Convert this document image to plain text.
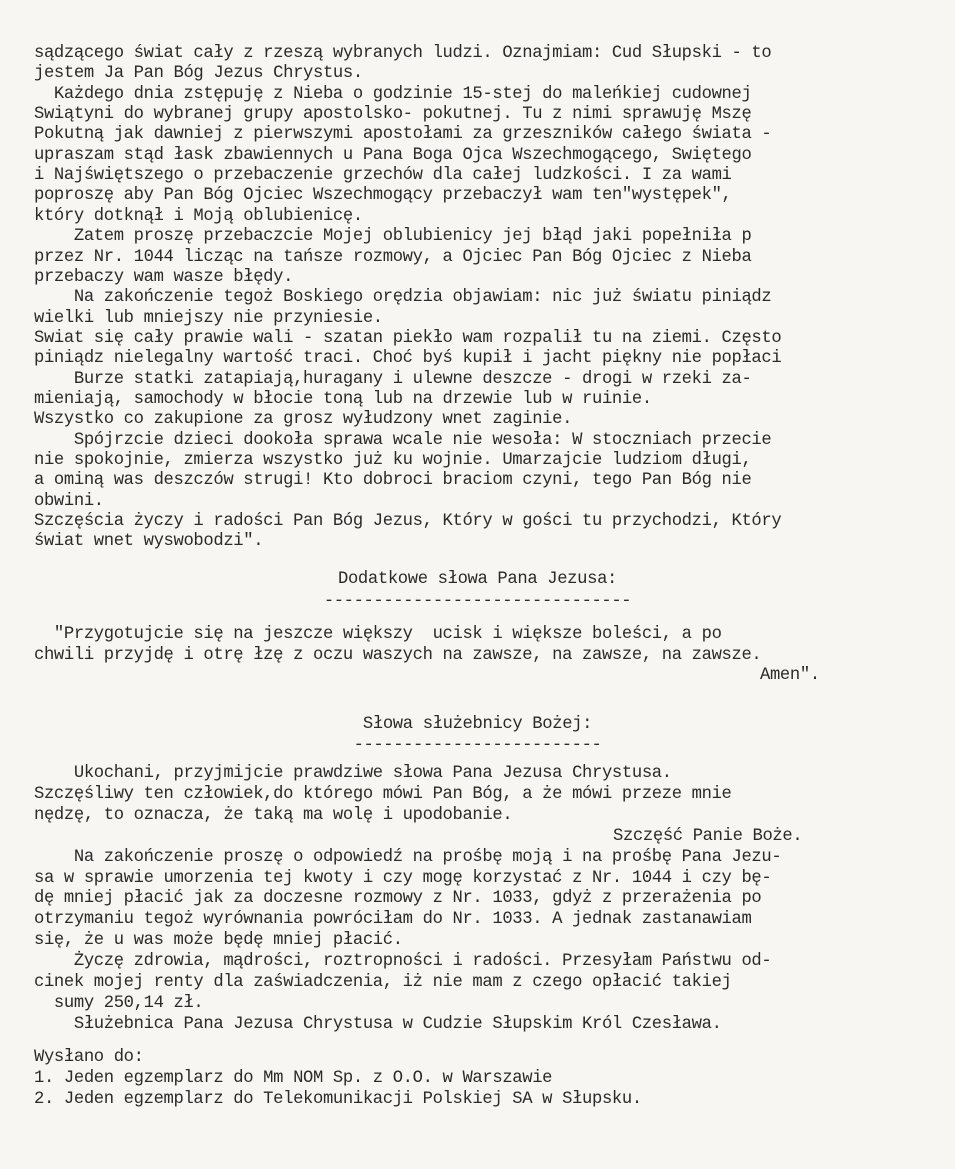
sądzącego świat cały z rzeszą wybranych ludzi. Oznajmiam: Cud Słupski - to
jestem Ja Pan Bóg Jezus Chrystus.
Każdego dnia zstępuję z Nieba o godzinie 15-stej do maleńkiej cudownej
Swiątyni do wybranej grupy apostolsko- pokutnej. Tu z nimi sprawuję Mszę
Pokutną jak dawniej z pierwszymi apostołami za grzeszników całego świata -
upraszam stąd łask zbawiennych u Pana Boga Ojca Wszechmogącego, Swiętego
i Najświętszego o przebaczenie grzechów dla całej ludzkości. I za wami
poproszę aby Pan Bóg Ojciec Wszechmogący przebaczył wam ten"występek",
który dotknął i Moją oblubienicę.
Zatem proszę przebaczcie Mojej oblubienicy jej błąd jaki popełniła p
przez Nr. 1044 licząc na tańsze rozmowy, a Ojciec Pan Bóg Ojciec z Nieba
przebaczy wam wasze błędy.
Na zakończenie tegoż Boskiego orędzia objawiam: nic już światu piniądz
wielki lub mniejszy nie przyniesie.
Swiat się cały prawie wali - szatan piekło wam rozpalił tu na ziemi. Często
piniądz nielegalny wartość traci. Choć byś kupił i jacht piękny nie popłaci
Burze statki zatapiają,huragany i ulewne deszcze - drogi w rzeki za-
mieniają, samochody w błocie toną lub na drzewie lub w ruinie.
Wszystko co zakupione za grosz wyłudzony wnet zaginie.
Spójrzcie dzieci dookoła sprawa wcale nie wesoła: W stoczniach przecie
nie spokojnie, zmierza wszystko już ku wojnie. Umarzajcie ludziom długi,
a ominą was deszczów strugi! Kto dobroci braciom czyni, tego Pan Bóg nie
obwini.
Szczęścia życzy i radości Pan Bóg Jezus, Który w gości tu przychodzi, Który
świat wnet wyswobodzi".
Dodatkowe słowa Pana Jezusa:
-------------------------------
"Przygotujcie się na jeszcze większy  ucisk i większe boleści, a po
chwili przyjdę i otrę łzę z oczu waszych na zawsze, na zawsze, na zawsze.
Amen".
Słowa służebnicy Bożej:
-------------------------
Ukochani, przyjmijcie prawdziwe słowa Pana Jezusa Chrystusa.
Szczęśliwy ten człowiek,do którego mówi Pan Bóg, a że mówi przeze mnie
nędzę, to oznacza, że taką ma wolę i upodobanie.
Szczęść Panie Boże.
Na zakończenie proszę o odpowiedź na prośbę moją i na prośbę Pana Jezu-
sa w sprawie umorzenia tej kwoty i czy mogę korzystać z Nr. 1044 i czy bę-
dę mniej płacić jak za doczesne rozmowy z Nr. 1033, gdyż z przerażenia po
otrzymaniu tegoż wyrównania powróciłam do Nr. 1033. A jednak zastanawiam
się, że u was może będę mniej płacić.
Życzę zdrowia, mądrości, roztropności i radości. Przesyłam Państwu od-
cinek mojej renty dla zaświadczenia, iż nie mam z czego opłacić takiej
sumy 250,14 zł.
Służebnica Pana Jezusa Chrystusa w Cudzie Słupskim Król Czesława.
Wysłano do:
1. Jeden egzemplarz do Mm NOM Sp. z O.O. w Warszawie
2. Jeden egzemplarz do Telekomunikacji Polskiej SA w Słupsku.
